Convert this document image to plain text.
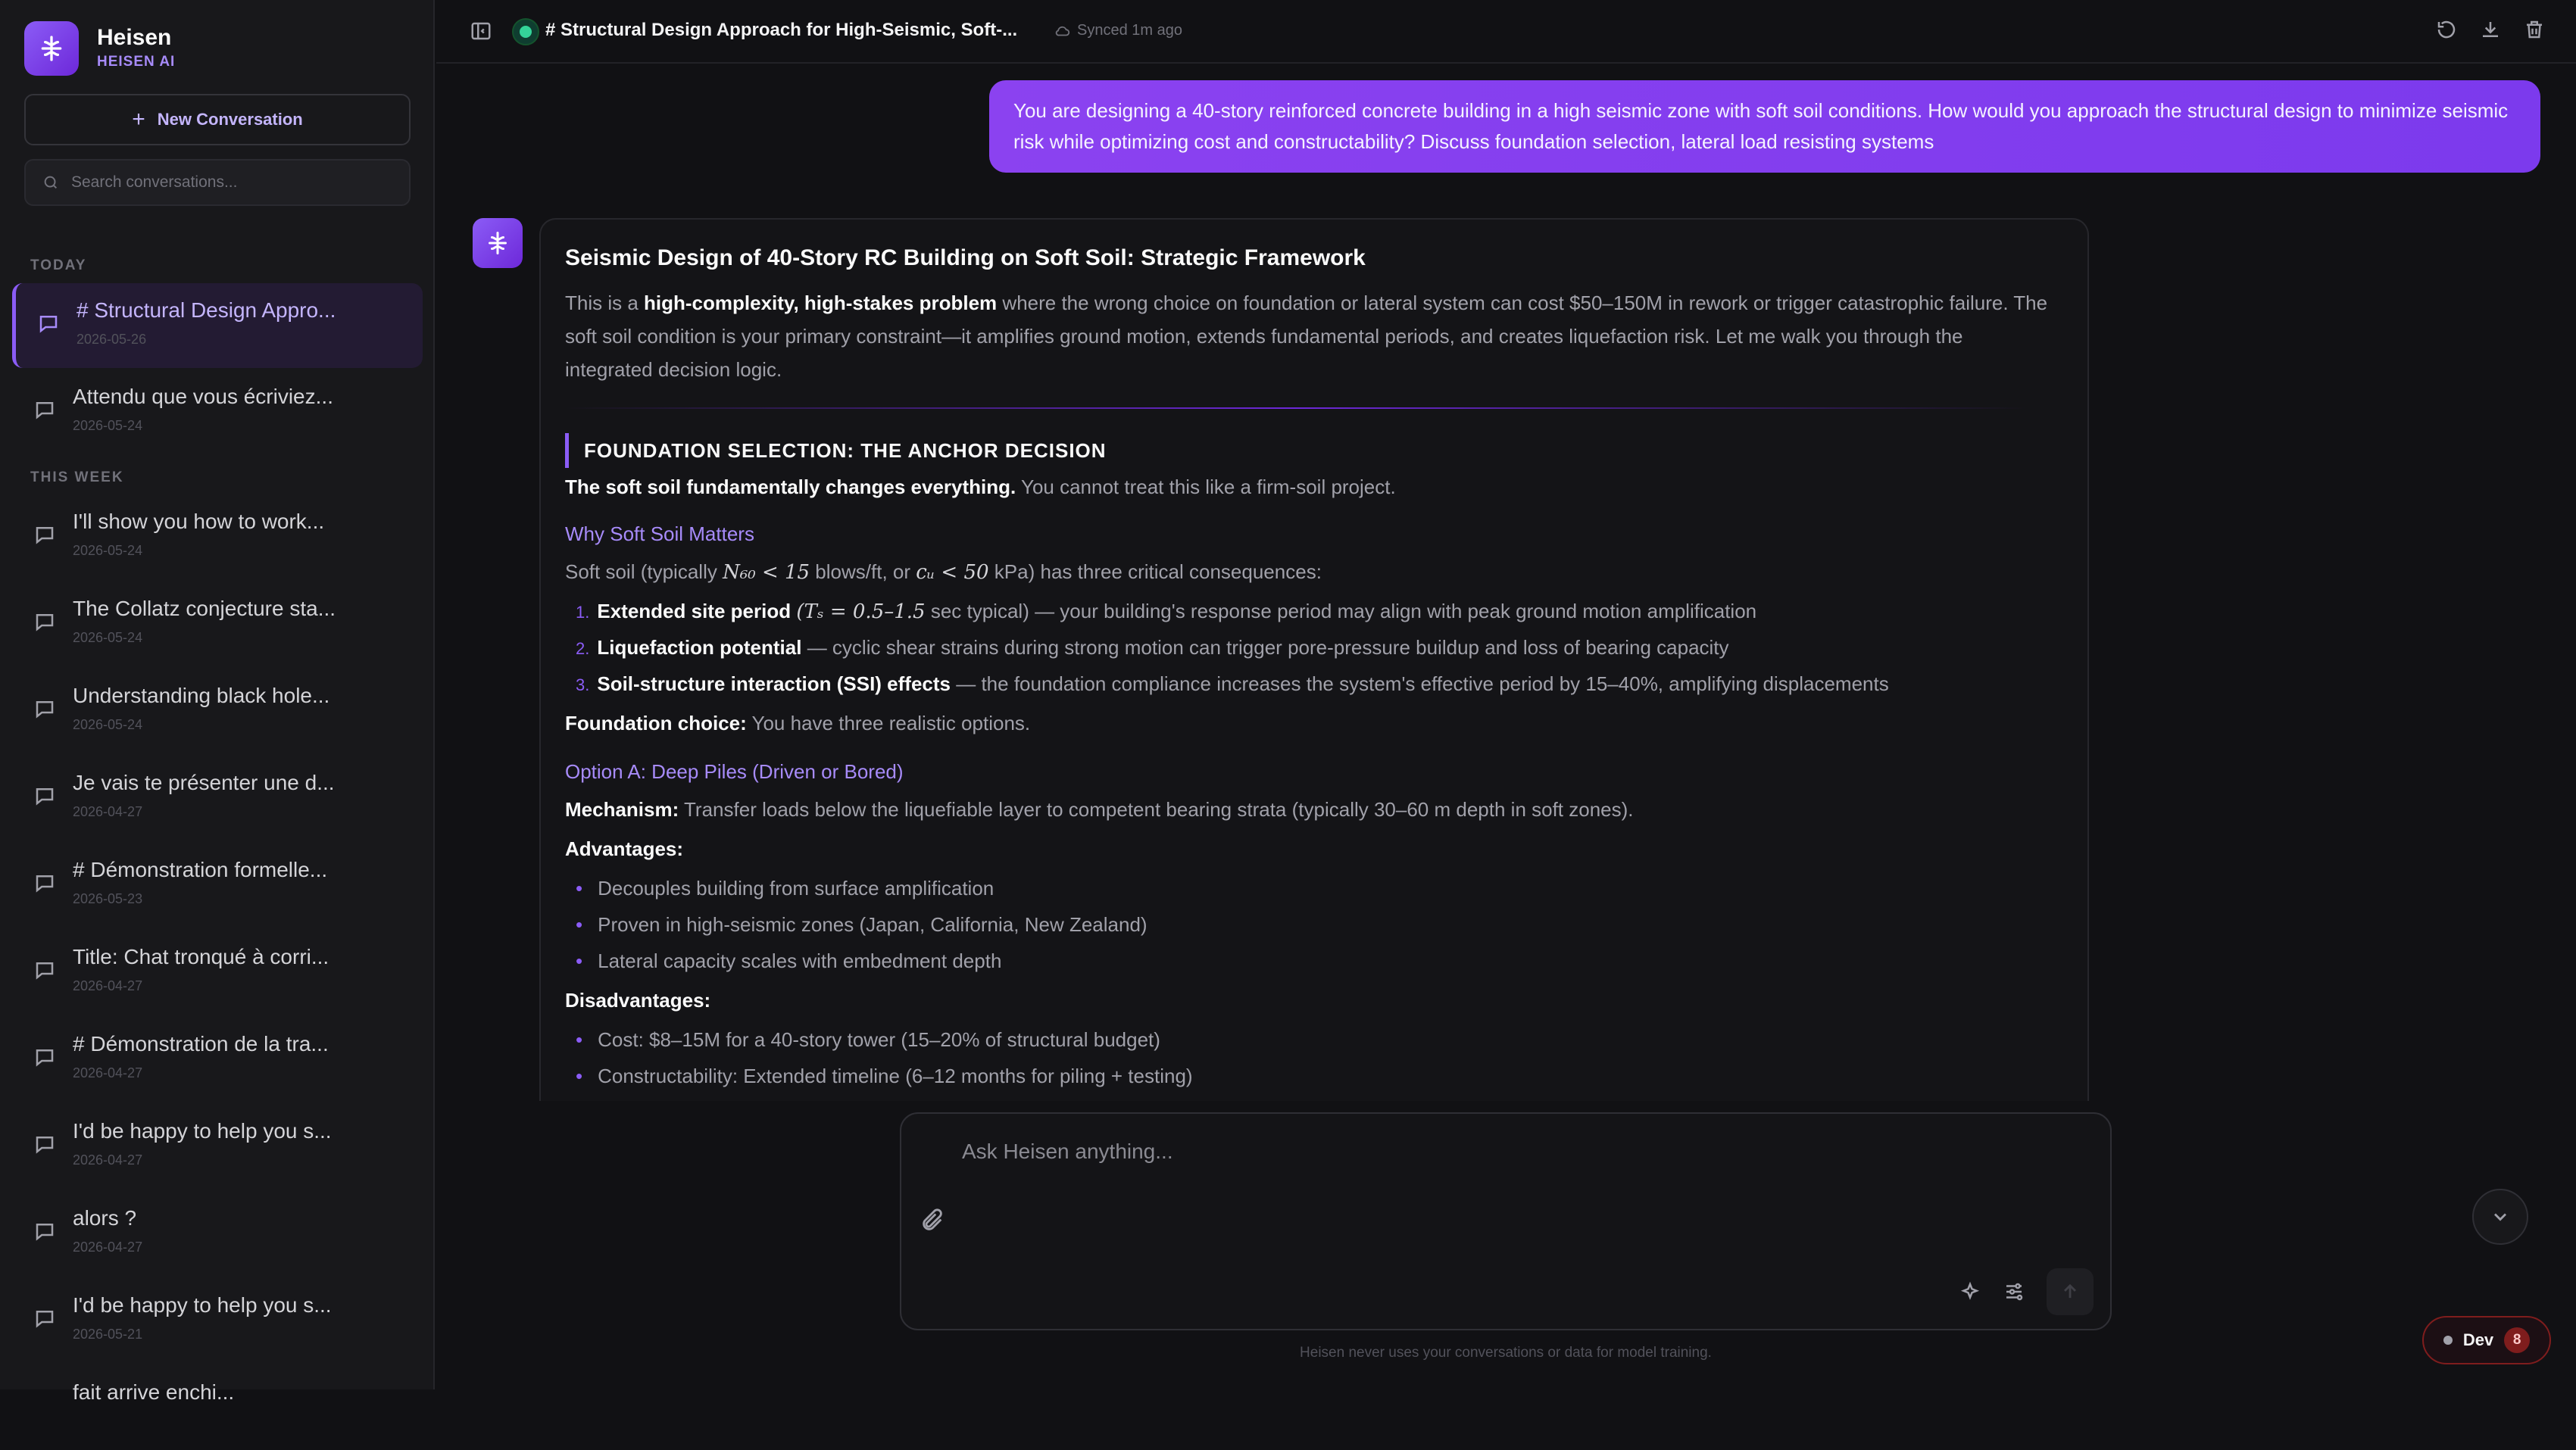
Heisen
HEISEN AI
+ New Conversation
Search conversations...
TODAY
# Structural Design Appro...
2026-05-26
Attendu que vous écriviez...
2026-05-24
THIS WEEK
I'll show you how to work...
2026-05-24
The Collatz conjecture sta...
2026-05-24
Understanding black hole...
2026-05-24
Je vais te présenter une d...
2026-04-27
# Démonstration formelle...
2026-05-23
Title: Chat tronqué à corri...
2026-04-27
# Démonstration de la tra...
2026-04-27
I'd be happy to help you s...
2026-04-27
alors ?
2026-04-27
I'd be happy to help you s...
2026-05-21
fait arrive enchi...
# Structural Design Approach for High-Seismic, Soft-...	Synced 1m ago
You are designing a 40-story reinforced concrete building in a high seismic zone with soft soil conditions. How would you approach the structural design to minimize seismic risk while optimizing cost and constructability? Discuss foundation selection, lateral load resisting systems
Seismic Design of 40-Story RC Building on Soft Soil: Strategic Framework
This is a high-complexity, high-stakes problem where the wrong choice on foundation or lateral system can cost $50–150M in rework or trigger catastrophic failure. The soft soil condition is your primary constraint—it amplifies ground motion, extends fundamental periods, and creates liquefaction risk. Let me walk you through the integrated decision logic.
FOUNDATION SELECTION: THE ANCHOR DECISION
The soft soil fundamentally changes everything. You cannot treat this like a firm-soil project.
Why Soft Soil Matters
Soft soil (typically N₆₀ < 15 blows/ft, or cᵤ < 50 kPa) has three critical consequences:
1. Extended site period (Tₛ = 0.5–1.5 sec typical) — your building's response period may align with peak ground motion amplification
2. Liquefaction potential — cyclic shear strains during strong motion can trigger pore-pressure buildup and loss of bearing capacity
3. Soil-structure interaction (SSI) effects — the foundation compliance increases the system's effective period by 15–40%, amplifying displacements
Foundation choice: You have three realistic options.
Option A: Deep Piles (Driven or Bored)
Mechanism: Transfer loads below the liquefiable layer to competent bearing strata (typically 30–60 m depth in soft zones).
Advantages:
• Decouples building from surface amplification
• Proven in high-seismic zones (Japan, California, New Zealand)
• Lateral capacity scales with embedment depth
Disadvantages:
• Cost: $8–15M for a 40-story tower (15–20% of structural budget)
• Constructability: Extended timeline (6–12 months for piling + testing)
Ask Heisen anything...
Heisen never uses your conversations or data for model training.
Dev	8
